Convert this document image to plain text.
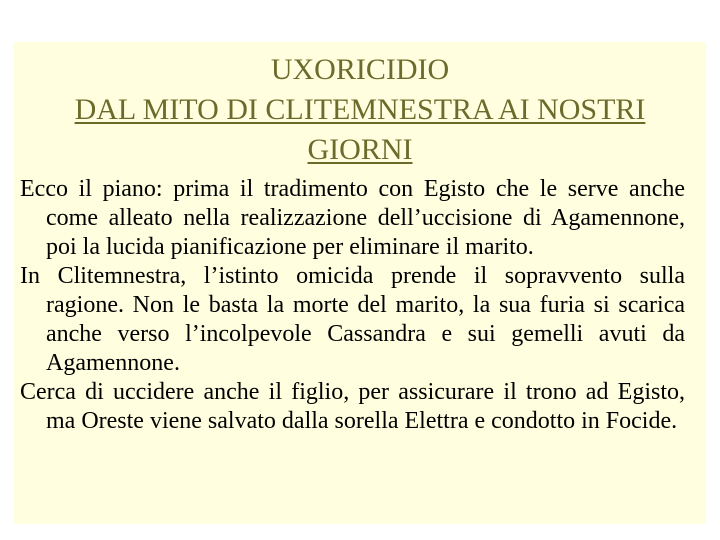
UXORICIDIO
DAL MITO DI CLITEMNESTRA AI NOSTRI
GIORNI

Ecco il piano: prima il tradimento con Egisto che le serve anche come alleato nella realizzazione dell’uccisione di Agamennone, poi la lucida pianificazione per eliminare il marito.

In Clitemnestra, l’istinto omicida prende il sopravvento sulla ragione. Non le basta la morte del marito, la sua furia si scarica anche verso l’incolpevole Cassandra e sui gemelli avuti da Agamennone.

Cerca di uccidere anche il figlio, per assicurare il trono ad Egisto, ma Oreste viene salvato dalla sorella Elettra e condotto in Focide.
